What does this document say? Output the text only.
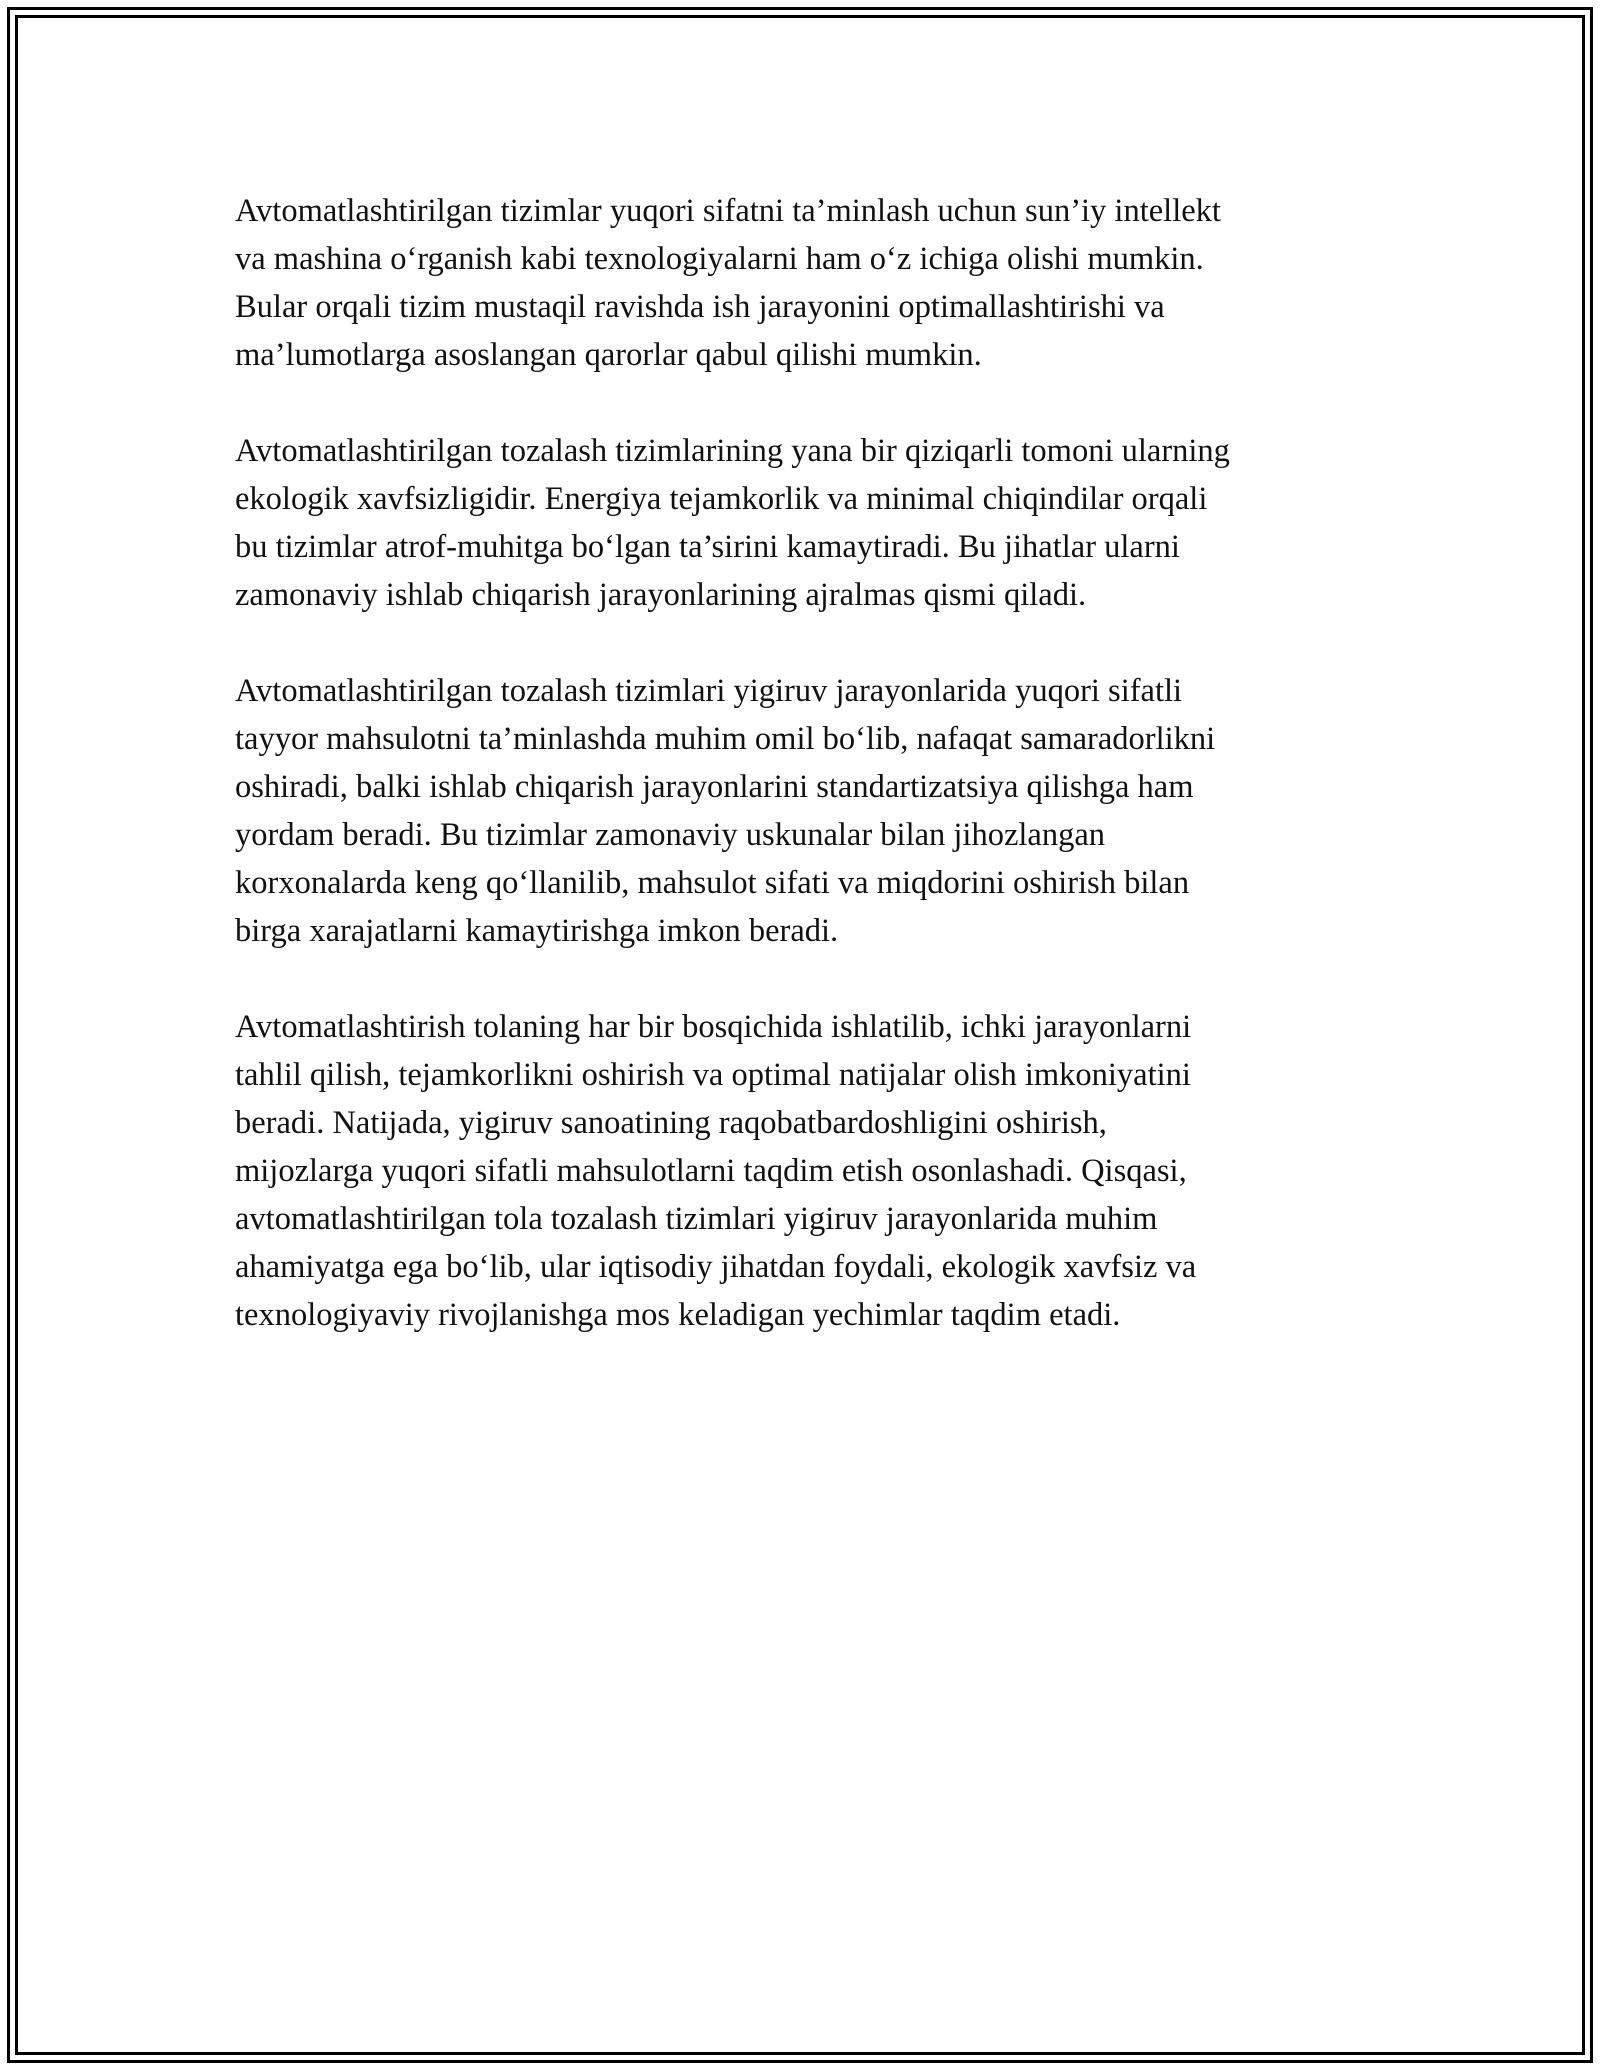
Avtomatlashtirilgan tizimlar yuqori sifatni ta’minlash uchun sun’iy intellekt
va mashina o‘rganish kabi texnologiyalarni ham o‘z ichiga olishi mumkin.
Bular orqali tizim mustaqil ravishda ish jarayonini optimallashtirishi va
ma’lumotlarga asoslangan qarorlar qabul qilishi mumkin.

Avtomatlashtirilgan tozalash tizimlarining yana bir qiziqarli tomoni ularning
ekologik xavfsizligidir. Energiya tejamkorlik va minimal chiqindilar orqali
bu tizimlar atrof-muhitga bo‘lgan ta’sirini kamaytiradi. Bu jihatlar ularni
zamonaviy ishlab chiqarish jarayonlarining ajralmas qismi qiladi.

Avtomatlashtirilgan tozalash tizimlari yigiruv jarayonlarida yuqori sifatli
tayyor mahsulotni ta’minlashda muhim omil bo‘lib, nafaqat samaradorlikni
oshiradi, balki ishlab chiqarish jarayonlarini standartizatsiya qilishga ham
yordam beradi. Bu tizimlar zamonaviy uskunalar bilan jihozlangan
korxonalarda keng qo‘llanilib, mahsulot sifati va miqdorini oshirish bilan
birga xarajatlarni kamaytirishga imkon beradi.

Avtomatlashtirish tolaning har bir bosqichida ishlatilib, ichki jarayonlarni
tahlil qilish, tejamkorlikni oshirish va optimal natijalar olish imkoniyatini
beradi. Natijada, yigiruv sanoatining raqobatbardoshligini oshirish,
mijozlarga yuqori sifatli mahsulotlarni taqdim etish osonlashadi. Qisqasi,
avtomatlashtirilgan tola tozalash tizimlari yigiruv jarayonlarida muhim
ahamiyatga ega bo‘lib, ular iqtisodiy jihatdan foydali, ekologik xavfsiz va
texnologiyaviy rivojlanishga mos keladigan yechimlar taqdim etadi.
